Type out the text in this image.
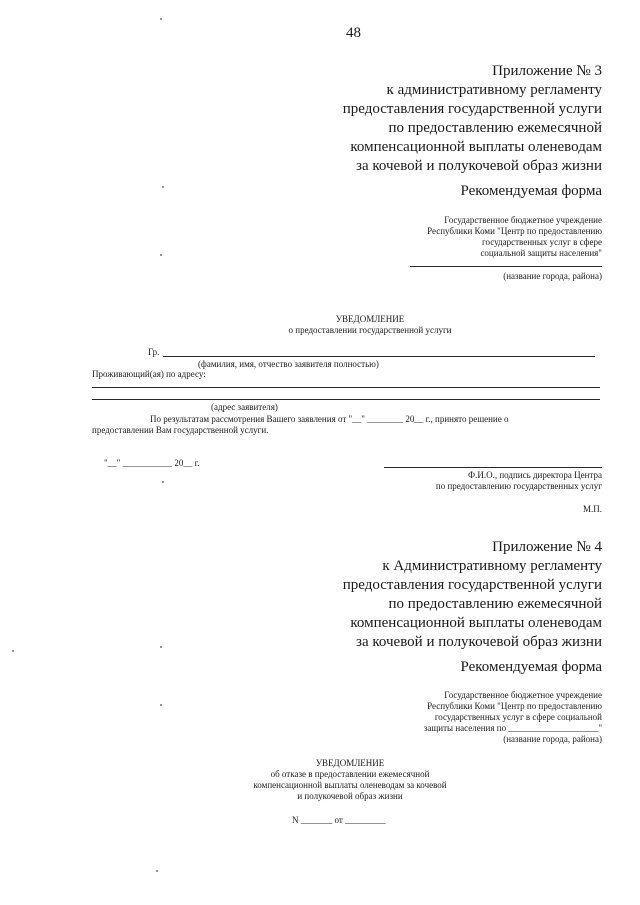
48
Приложение № 3
к административному регламенту
предоставления государственной услуги
по предоставлению ежемесячной
компенсационной выплаты оленеводам
за кочевой и полукочевой образ жизни
Рекомендуемая форма
Государственное бюджетное учреждение
Республики Коми "Центр по предоставлению
государственных услуг в сфере
социальной защиты населения"
(название города, района)
УВЕДОМЛЕНИЕ
о предоставлении государственной услуги
Гр.
(фамилия, имя, отчество заявителя полностью)
Проживающий(ая) по адресу:
(адрес заявителя)
По результатам рассмотрения Вашего заявления от "__" ________ 20__ г., принято решение о
предоставлении Вам государственной услуги.
"__" ___________ 20__ г.
Ф.И.О., подпись директора Центра
по предоставлению государственных услуг
М.П.
Приложение № 4
к Административному регламенту
предоставления государственной услуги
по предоставлению ежемесячной
компенсационной выплаты оленеводам
за кочевой и полукочевой образ жизни
Рекомендуемая форма
Государственное бюджетное учреждение
Республики Коми "Центр по предоставлению
государственных услуг в сфере социальной
защиты населения по ____________________"
(название города, района)
УВЕДОМЛЕНИЕ
об отказе в предоставлении ежемесячной
компенсационной выплаты оленеводам за кочевой
и полукочевой образ жизни
N _______ от _________
